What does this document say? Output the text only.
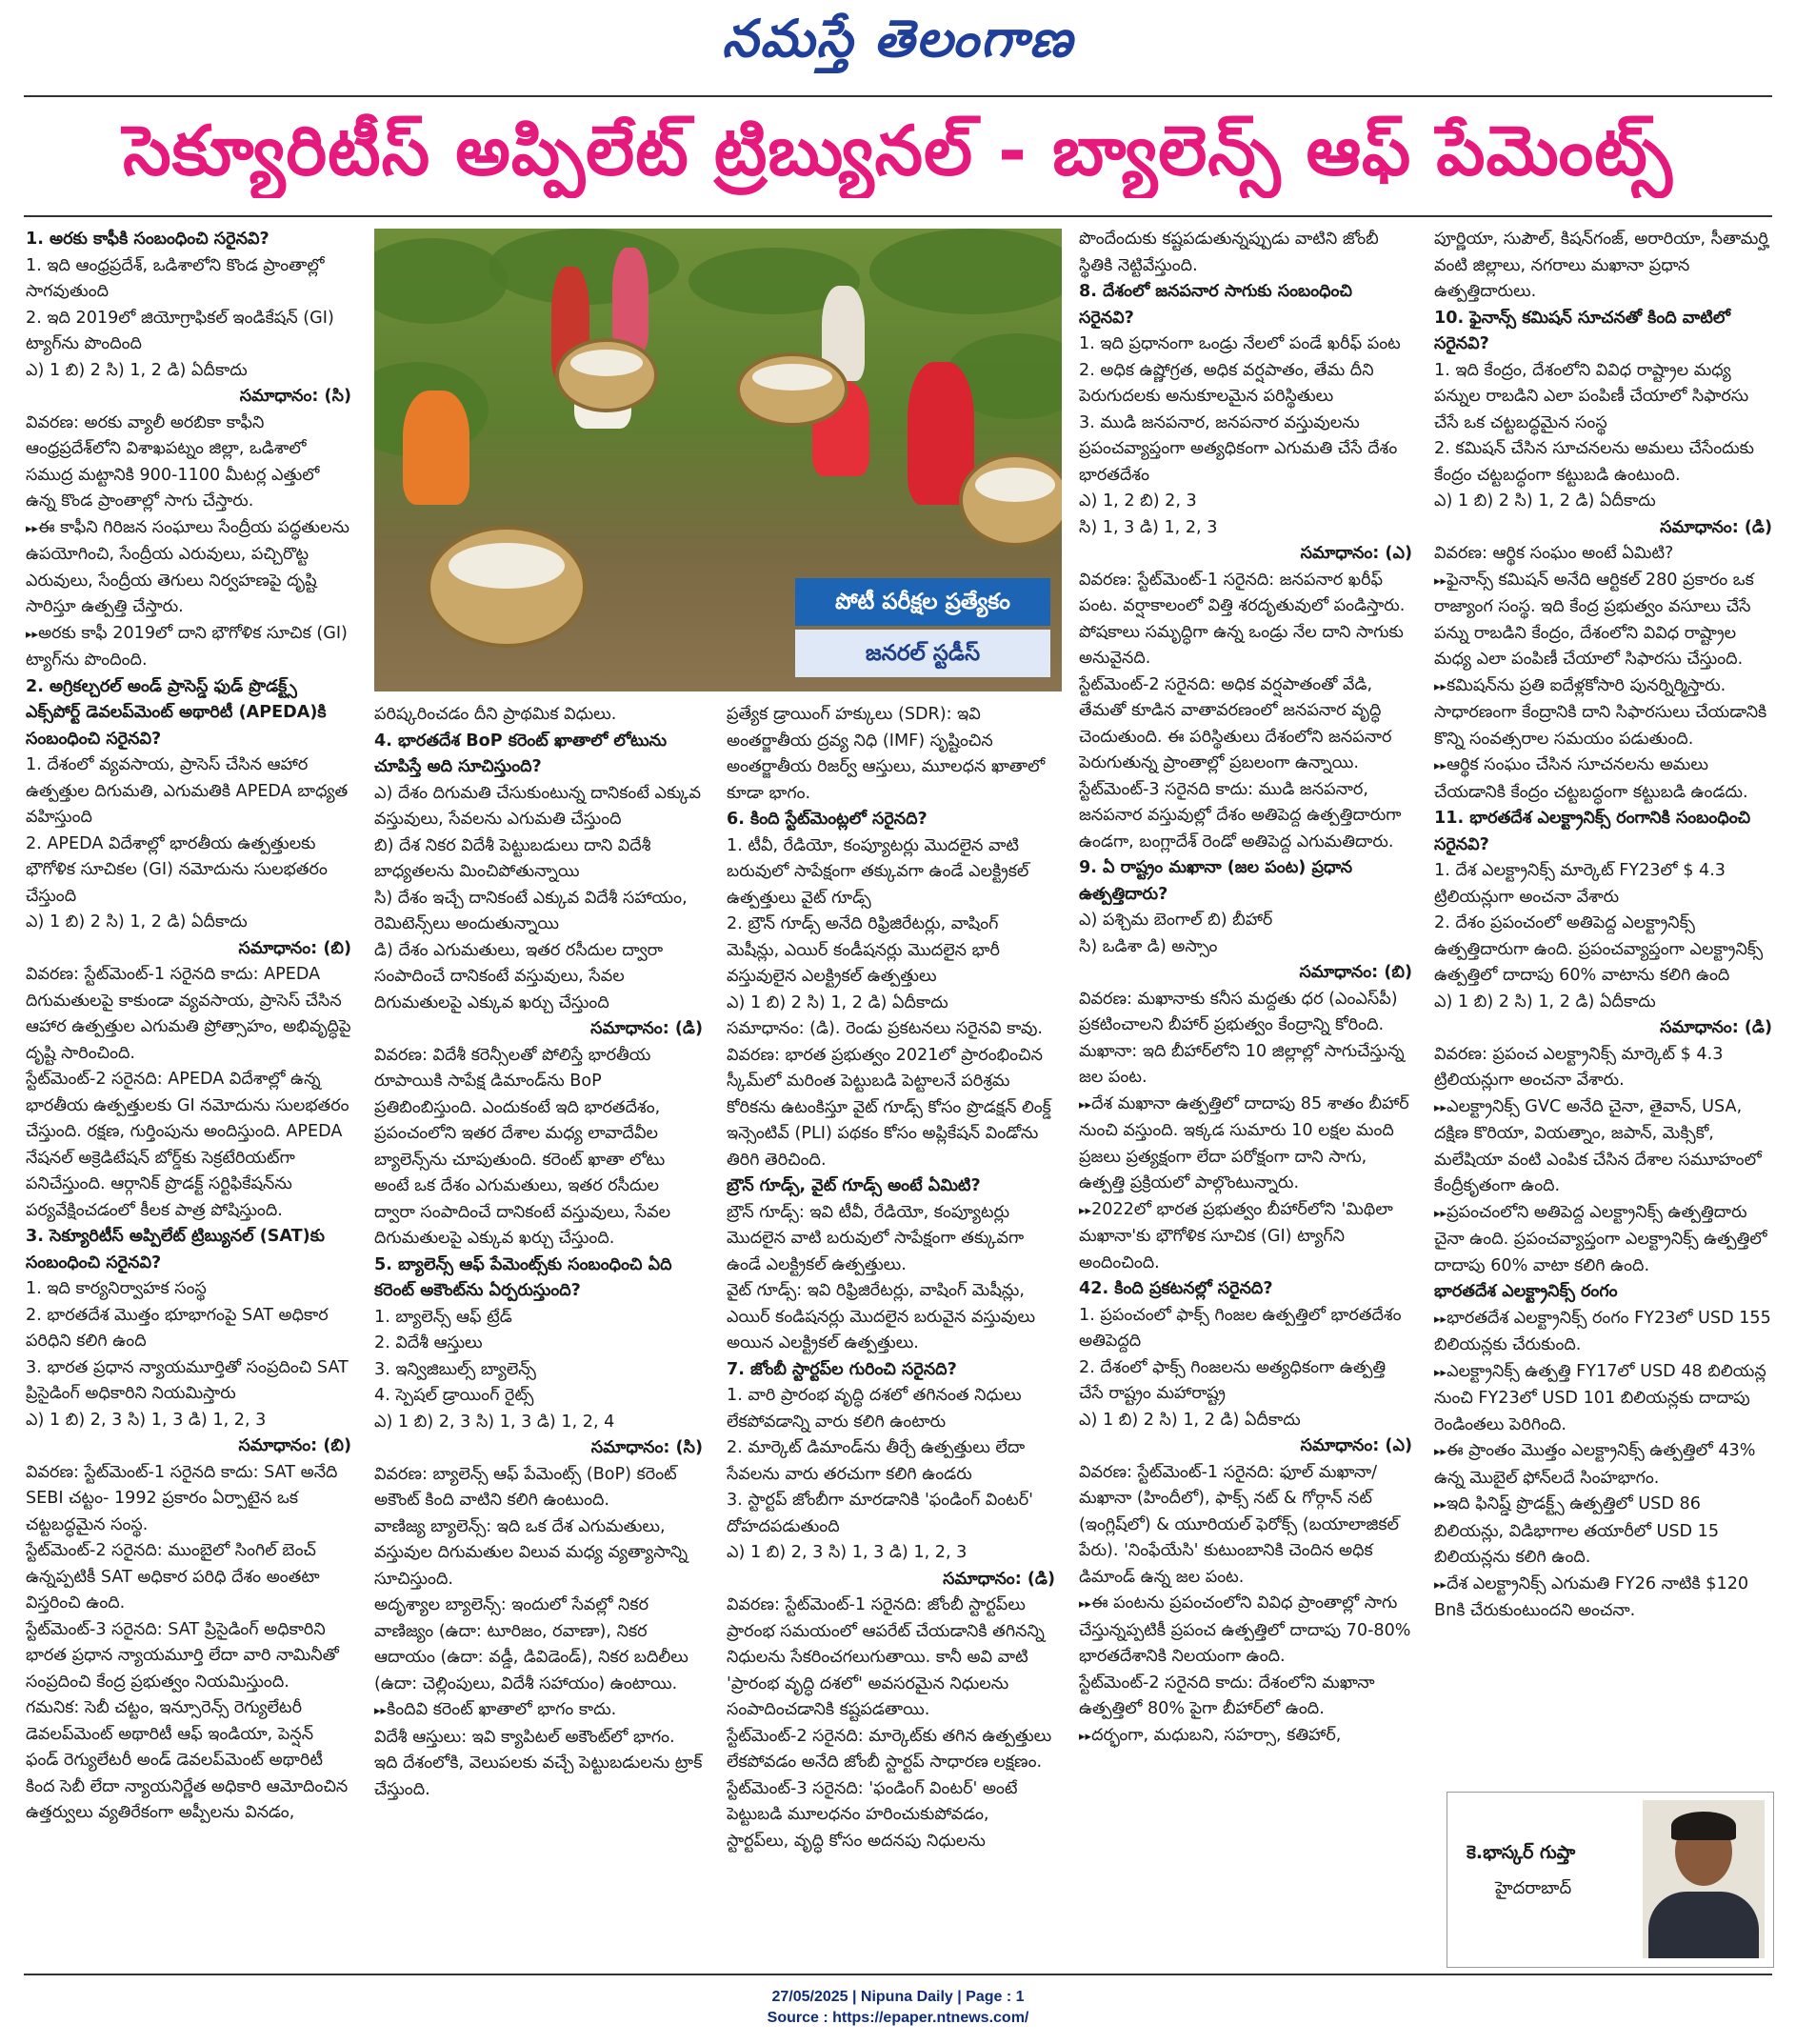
నమస్తే తెలంగాణ
సెక్యూరిటీస్ అప్పిలేట్ ట్రిబ్యునల్ - బ్యాలెన్స్ ఆఫ్ పేమెంట్స్

1. అరకు కాఫీకి సంబంధించి సరైనవి?

1. ఇది ఆంధ్రప్రదేశ్, ఒడిశాలోని కొండ ప్రాంతాల్లో సాగవుతుంది

2. ఇది 2019లో జియోగ్రాఫికల్ ఇండికేషన్ (GI) ట్యాగ్‌ను పొందింది

ఎ) 1 బి) 2 సి) 1, 2 డి) ఏదీకాదు

సమాధానం: (సి)

వివరణ: అరకు వ్యాలీ అరబికా కాఫీని ఆంధ్రప్రదేశ్‌లోని విశాఖపట్నం జిల్లా, ఒడిశాలో సముద్ర మట్టానికి 900-1100 మీటర్ల ఎత్తులో ఉన్న కొండ ప్రాంతాల్లో సాగు చేస్తారు.

▸▸ ఈ కాఫీని గిరిజన సంఘాలు సేంద్రీయ పద్ధతులను ఉపయోగించి, సేంద్రీయ ఎరువులు, పచ్చిరొట్ట ఎరువులు, సేంద్రీయ తెగులు నిర్వహణపై దృష్టి సారిస్తూ ఉత్పత్తి చేస్తారు.

▸▸ అరకు కాఫీ 2019లో దాని భౌగోళిక సూచిక (GI) ట్యాగ్‌ను పొందింది.

2. అగ్రికల్చరల్ అండ్ ప్రాసెస్డ్ ఫుడ్ ప్రొడక్ట్స్ ఎక్స్‌పోర్ట్ డెవలప్‌మెంట్ అథారిటీ (APEDA)కి సంబంధించి సరైనవి?

1. దేశంలో వ్యవసాయ, ప్రాసెస్ చేసిన ఆహార ఉత్పత్తుల దిగుమతి, ఎగుమతికి APEDA బాధ్యత వహిస్తుంది

2. APEDA విదేశాల్లో భారతీయ ఉత్పత్తులకు భౌగోళిక సూచికల (GI) నమోదును సులభతరం చేస్తుంది

ఎ) 1 బి) 2 సి) 1, 2 డి) ఏదీకాదు

సమాధానం: (బి)

వివరణ: స్టేట్‌మెంట్-1 సరైనది కాదు: APEDA దిగుమతులపై కాకుండా వ్యవసాయ, ప్రాసెస్ చేసిన ఆహార ఉత్పత్తుల ఎగుమతి ప్రోత్సాహం, అభివృద్ధిపై దృష్టి సారించింది.

స్టేట్‌మెంట్-2 సరైనది: APEDA విదేశాల్లో ఉన్న భారతీయ ఉత్పత్తులకు GI నమోదును సులభతరం చేస్తుంది. రక్షణ, గుర్తింపును అందిస్తుంది. APEDA నేషనల్ అక్రెడిటేషన్ బోర్డ్‌కు సెక్రటేరియట్‌గా పనిచేస్తుంది. ఆర్గానిక్ ప్రొడక్ట్ సర్టిఫికేషన్‌ను పర్యవేక్షించడంలో కీలక పాత్ర పోషిస్తుంది.

3. సెక్యూరిటీస్ అప్పిలేట్ ట్రిబ్యునల్ (SAT)కు సంబంధించి సరైనవి?

1. ఇది కార్యనిర్వాహక సంస్థ

2. భారతదేశ మొత్తం భూభాగంపై SAT అధికార పరిధిని కలిగి ఉంది

3. భారత ప్రధాన న్యాయమూర్తితో సంప్రదించి SAT ప్రిసైడింగ్ అధికారిని నియమిస్తారు

ఎ) 1 బి) 2, 3 సి) 1, 3 డి) 1, 2, 3

సమాధానం: (బి)

వివరణ: స్టేట్‌మెంట్-1 సరైనది కాదు: SAT అనేది SEBI చట్టం- 1992 ప్రకారం ఏర్పాటైన ఒక చట్టబద్ధమైన సంస్థ.

స్టేట్‌మెంట్-2 సరైనది: ముంబైలో సింగిల్ బెంచ్ ఉన్నప్పటికీ SAT అధికార పరిధి దేశం అంతటా విస్తరించి ఉంది.

స్టేట్‌మెంట్-3 సరైనది: SAT ప్రిసైడింగ్ అధికారిని భారత ప్రధాన న్యాయమూర్తి లేదా వారి నామినీతో సంప్రదించి కేంద్ర ప్రభుత్వం నియమిస్తుంది.

గమనిక: సెబీ చట్టం, ఇన్సూరెన్స్ రెగ్యులేటరీ డెవలప్‌మెంట్ అథారిటీ ఆఫ్ ఇండియా, పెన్షన్ ఫండ్ రెగ్యులేటరీ అండ్ డెవలప్‌మెంట్ అథారిటీ కింద సెబీ లేదా న్యాయనిర్ణేత అధికారి ఆమోదించిన ఉత్తర్వులు వ్యతిరేకంగా అప్పీలను వినడం,

పోటీ పరీక్షల ప్రత్యేకం
జనరల్ స్టడీస్

పరిష్కరించడం దీని ప్రాథమిక విధులు.

4. భారతదేశ BoP కరెంట్ ఖాతాలో లోటును చూపిస్తే అది సూచిస్తుంది?

ఎ) దేశం దిగుమతి చేసుకుంటున్న దానికంటే ఎక్కువ వస్తువులు, సేవలను ఎగుమతి చేస్తుంది

బి) దేశ నికర విదేశీ పెట్టుబడులు దాని విదేశీ బాధ్యతలను మించిపోతున్నాయి

సి) దేశం ఇచ్చే దానికంటే ఎక్కువ విదేశీ సహాయం, రెమిటెన్స్‌లు అందుతున్నాయి

డి) దేశం ఎగుమతులు, ఇతర రసీదుల ద్వారా సంపాదించే దానికంటే వస్తువులు, సేవల దిగుమతులపై ఎక్కువ ఖర్చు చేస్తుంది

సమాధానం: (డి)

వివరణ: విదేశీ కరెన్సీలతో పోలిస్తే భారతీయ రూపాయికి సాపేక్ష డిమాండ్‌ను BoP ప్రతిబింబిస్తుంది. ఎందుకంటే ఇది భారతదేశం, ప్రపంచంలోని ఇతర దేశాల మధ్య లావాదేవీల బ్యాలెన్స్‌ను చూపుతుంది. కరెంట్ ఖాతా లోటు అంటే ఒక దేశం ఎగుమతులు, ఇతర రసీదుల ద్వారా సంపాదించే దానికంటే వస్తువులు, సేవల దిగుమతులపై ఎక్కువ ఖర్చు చేస్తుంది.

5. బ్యాలెన్స్ ఆఫ్ పేమెంట్స్‌కు సంబంధించి ఏది కరెంట్ అకౌంట్‌ను ఏర్పరుస్తుంది?

1. బ్యాలెన్స్ ఆఫ్ ట్రేడ్

2. విదేశీ ఆస్తులు

3. ఇన్విజిబుల్స్ బ్యాలెన్స్

4. స్పెషల్ డ్రాయింగ్ రైట్స్

ఎ) 1 బి) 2, 3 సి) 1, 3 డి) 1, 2, 4

సమాధానం: (సి)

వివరణ: బ్యాలెన్స్ ఆఫ్ పేమెంట్స్ (BoP) కరెంట్ అకౌంట్ కింది వాటిని కలిగి ఉంటుంది.

వాణిజ్య బ్యాలెన్స్: ఇది ఒక దేశ ఎగుమతులు, వస్తువుల దిగుమతుల విలువ మధ్య వ్యత్యాసాన్ని సూచిస్తుంది.

అదృశ్యాల బ్యాలెన్స్: ఇందులో సేవల్లో నికర వాణిజ్యం (ఉదా: టూరిజం, రవాణా), నికర ఆదాయం (ఉదా: వడ్డీ, డివిడెండ్), నికర బదిలీలు (ఉదా: చెల్లింపులు, విదేశీ సహాయం) ఉంటాయి.

▸▸ కిందివి కరెంట్ ఖాతాలో భాగం కాదు.

విదేశీ ఆస్తులు: ఇవి క్యాపిటల్ అకౌంట్‌లో భాగం. ఇది దేశంలోకి, వెలుపలకు వచ్చే పెట్టుబడులను ట్రాక్ చేస్తుంది.

ప్రత్యేక డ్రాయింగ్ హక్కులు (SDR): ఇవి అంతర్జాతీయ ద్రవ్య నిధి (IMF) సృష్టించిన అంతర్జాతీయ రిజర్వ్ ఆస్తులు, మూలధన ఖాతాలో కూడా భాగం.

6. కింది స్టేట్‌మెంట్లలో సరైనది?

1. టీవీ, రేడియో, కంప్యూటర్లు మొదలైన వాటి బరువులో సాపేక్షంగా తక్కువగా ఉండే ఎలక్ట్రికల్ ఉత్పత్తులు వైట్ గూడ్స్

2. బ్రౌన్ గూడ్స్ అనేది రిఫ్రిజిరేటర్లు, వాషింగ్ మెషీన్లు, ఎయిర్ కండీషనర్లు మొదలైన భారీ వస్తువులైన ఎలక్ట్రికల్ ఉత్పత్తులు

ఎ) 1 బి) 2 సి) 1, 2 డి) ఏదీకాదు

సమాధానం: (డి). రెండు ప్రకటనలు సరైనవి కావు.

వివరణ: భారత ప్రభుత్వం 2021లో ప్రారంభించిన స్కీమ్‌లో మరింత పెట్టుబడి పెట్టాలనే పరిశ్రమ కోరికను ఉటంకిస్తూ వైట్ గూడ్స్ కోసం ప్రొడక్షన్ లింక్డ్ ఇన్సెంటివ్ (PLI) పథకం కోసం అప్లికేషన్ విండోను తిరిగి తెరిచింది.

బ్రౌన్ గూడ్స్, వైట్ గూడ్స్ అంటే ఏమిటి?

బ్రౌన్ గూడ్స్: ఇవి టీవీ, రేడియో, కంప్యూటర్లు మొదలైన వాటి బరువులో సాపేక్షంగా తక్కువగా ఉండే ఎలక్ట్రికల్ ఉత్పత్తులు.

వైట్ గూడ్స్: ఇవి రిఫ్రిజిరేటర్లు, వాషింగ్ మెషీన్లు, ఎయిర్ కండిషనర్లు మొదలైన బరువైన వస్తువులు అయిన ఎలక్ట్రికల్ ఉత్పత్తులు.

7. జోంబీ స్టార్టప్‌ల గురించి సరైనది?

1. వారి ప్రారంభ వృద్ధి దశలో తగినంత నిధులు లేకపోవడాన్ని వారు కలిగి ఉంటారు

2. మార్కెట్ డిమాండ్‌ను తీర్చే ఉత్పత్తులు లేదా సేవలను వారు తరచుగా కలిగి ఉండరు

3. స్టార్టప్ జోంబీగా మారడానికి 'ఫండింగ్ వింటర్' దోహదపడుతుంది

ఎ) 1 బి) 2, 3 సి) 1, 3 డి) 1, 2, 3

సమాధానం: (డి)

వివరణ: స్టేట్‌మెంట్-1 సరైనది: జోంబీ స్టార్టప్‌లు ప్రారంభ సమయంలో ఆపరేట్ చేయడానికి తగినన్ని నిధులను సేకరించగలుగుతాయి. కానీ అవి వాటి 'ప్రారంభ వృద్ధి దశలో' అవసరమైన నిధులను సంపాదించడానికి కష్టపడతాయి.

స్టేట్‌మెంట్-2 సరైనది: మార్కెట్‌కు తగిన ఉత్పత్తులు లేకపోవడం అనేది జోంబీ స్టార్టప్ సాధారణ లక్షణం.

స్టేట్‌మెంట్-3 సరైనది: 'ఫండింగ్ వింటర్' అంటే పెట్టుబడి మూలధనం హరించుకుపోవడం, స్టార్టప్‌లు, వృద్ధి కోసం అదనపు నిధులను

పొందేందుకు కష్టపడుతున్నప్పుడు వాటిని జోంబీ స్థితికి నెట్టివేస్తుంది.

8. దేశంలో జనపనార సాగుకు సంబంధించి సరైనవి?

1. ఇది ప్రధానంగా ఒండ్రు నేలలో పండే ఖరీఫ్ పంట

2. అధిక ఉష్ణోగ్రత, అధిక వర్షపాతం, తేమ దీని పెరుగుదలకు అనుకూలమైన పరిస్థితులు

3. ముడి జనపనార, జనపనార వస్తువులను ప్రపంచవ్యాప్తంగా అత్యధికంగా ఎగుమతి చేసే దేశం భారతదేశం

ఎ) 1, 2 బి) 2, 3

సి) 1, 3 డి) 1, 2, 3

సమాధానం: (ఎ)

వివరణ: స్టేట్‌మెంట్-1 సరైనది: జనపనార ఖరీఫ్ పంట. వర్షాకాలంలో విత్తి శరదృతువులో పండిస్తారు. పోషకాలు సమృద్ధిగా ఉన్న ఒండ్రు నేల దాని సాగుకు అనువైనది.

స్టేట్‌మెంట్-2 సరైనది: అధిక వర్షపాతంతో వేడి, తేమతో కూడిన వాతావరణంలో జనపనార వృద్ధి చెందుతుంది. ఈ పరిస్థితులు దేశంలోని జనపనార పెరుగుతున్న ప్రాంతాల్లో ప్రబలంగా ఉన్నాయి.

స్టేట్‌మెంట్-3 సరైనది కాదు: ముడి జనపనార, జనపనార వస్తువుల్లో దేశం అతిపెద్ద ఉత్పత్తిదారుగా ఉండగా, బంగ్లాదేశ్ రెండో అతిపెద్ద ఎగుమతిదారు.

9. ఏ రాష్ట్రం మఖానా (జల పంట) ప్రధాన ఉత్పత్తిదారు?

ఎ) పశ్చిమ బెంగాల్ బి) బీహార్

సి) ఒడిశా డి) అస్సాం

సమాధానం: (బి)

వివరణ: మఖానాకు కనీస మద్దతు ధర (ఎంఎస్‌పీ) ప్రకటించాలని బీహార్ ప్రభుత్వం కేంద్రాన్ని కోరింది.

మఖానా: ఇది బీహార్‌లోని 10 జిల్లాల్లో సాగుచేస్తున్న జల పంట.

▸▸ దేశ మఖానా ఉత్పత్తిలో దాదాపు 85 శాతం బీహార్ నుంచి వస్తుంది. ఇక్కడ సుమారు 10 లక్షల మంది ప్రజలు ప్రత్యక్షంగా లేదా పరోక్షంగా దాని సాగు, ఉత్పత్తి ప్రక్రియలో పాల్గొంటున్నారు.

▸▸ 2022లో భారత ప్రభుత్వం బీహార్‌లోని 'మిథిలా మఖానా'కు భౌగోళిక సూచిక (GI) ట్యాగ్‌ని అందించింది.

42. కింది ప్రకటనల్లో సరైనది?

1. ప్రపంచంలో ఫాక్స్ గింజల ఉత్పత్తిలో భారతదేశం అతిపెద్దది

2. దేశంలో ఫాక్స్ గింజలను అత్యధికంగా ఉత్పత్తి చేసే రాష్ట్రం మహారాష్ట్ర

ఎ) 1 బి) 2 సి) 1, 2 డి) ఏదీకాదు

సమాధానం: (ఎ)

వివరణ: స్టేట్‌మెంట్-1 సరైనది: ఫూల్ మఖానా/ మఖానా (హిందీలో), ఫాక్స్ నట్ & గోర్గాన్ నట్ (ఇంగ్లిష్‌లో) & యూరియల్ ఫెరోక్స్ (బయాలాజికల్ పేరు). 'నింఫేయేసి' కుటుంబానికి చెందిన అధిక డిమాండ్ ఉన్న జల పంట.

▸▸ ఈ పంటను ప్రపంచంలోని వివిధ ప్రాంతాల్లో సాగు చేస్తున్నప్పటికీ ప్రపంచ ఉత్పత్తిలో దాదాపు 70-80% భారతదేశానికి నిలయంగా ఉంది.

స్టేట్‌మెంట్-2 సరైనది కాదు: దేశంలోని మఖానా ఉత్పత్తిలో 80% పైగా బీహార్‌లో ఉంది.

▸▸ దర్భంగా, మధుబని, సహర్సా, కతిహార్,

పూర్ణియా, సుపౌల్, కిషన్‌గంజ్, అరారియా, సీతామర్హి వంటి జిల్లాలు, నగరాలు మఖానా ప్రధాన ఉత్పత్తిదారులు.

10. ఫైనాన్స్ కమిషన్ సూచనతో కింది వాటిలో సరైనవి?

1. ఇది కేంద్రం, దేశంలోని వివిధ రాష్ట్రాల మధ్య పన్నుల రాబడిని ఎలా పంపిణీ చేయాలో సిఫారసు చేసే ఒక చట్టబద్ధమైన సంస్థ

2. కమిషన్ చేసిన సూచనలను అమలు చేసేందుకు కేంద్రం చట్టబద్ధంగా కట్టుబడి ఉంటుంది.

ఎ) 1 బి) 2 సి) 1, 2 డి) ఏదీకాదు

సమాధానం: (డి)

వివరణ: ఆర్థిక సంఘం అంటే ఏమిటి?

▸▸ ఫైనాన్స్ కమిషన్ అనేది ఆర్టికల్ 280 ప్రకారం ఒక రాజ్యాంగ సంస్థ. ఇది కేంద్ర ప్రభుత్వం వసూలు చేసే పన్ను రాబడిని కేంద్రం, దేశంలోని వివిధ రాష్ట్రాల మధ్య ఎలా పంపిణీ చేయాలో సిఫారసు చేస్తుంది.

▸▸ కమిషన్‌ను ప్రతి ఐదేళ్లకోసారి పునర్నిర్మిస్తారు. సాధారణంగా కేంద్రానికి దాని సిఫారసులు చేయడానికి కొన్ని సంవత్సరాల సమయం పడుతుంది.

▸▸ ఆర్థిక సంఘం చేసిన సూచనలను అమలు చేయడానికి కేంద్రం చట్టబద్ధంగా కట్టుబడి ఉండదు.

11. భారతదేశ ఎలక్ట్రానిక్స్ రంగానికి సంబంధించి సరైనవి?

1. దేశ ఎలక్ట్రానిక్స్ మార్కెట్ FY23లో $ 4.3 ట్రిలియన్లుగా అంచనా వేశారు

2. దేశం ప్రపంచంలో అతిపెద్ద ఎలక్ట్రానిక్స్ ఉత్పత్తిదారుగా ఉంది. ప్రపంచవ్యాప్తంగా ఎలక్ట్రానిక్స్ ఉత్పత్తిలో దాదాపు 60% వాటాను కలిగి ఉంది

ఎ) 1 బి) 2 సి) 1, 2 డి) ఏదీకాదు

సమాధానం: (డి)

వివరణ: ప్రపంచ ఎలక్ట్రానిక్స్ మార్కెట్ $ 4.3 ట్రిలియన్లుగా అంచనా వేశారు.

▸▸ ఎలక్ట్రానిక్స్ GVC అనేది చైనా, తైవాన్, USA, దక్షిణ కొరియా, వియత్నాం, జపాన్, మెక్సికో, మలేషియా వంటి ఎంపిక చేసిన దేశాల సమూహంలో కేంద్రీకృతంగా ఉంది.

▸▸ ప్రపంచంలోని అతిపెద్ద ఎలక్ట్రానిక్స్ ఉత్పత్తిదారు చైనా ఉంది. ప్రపంచవ్యాప్తంగా ఎలక్ట్రానిక్స్ ఉత్పత్తిలో దాదాపు 60% వాటా కలిగి ఉంది.

భారతదేశ ఎలక్ట్రానిక్స్ రంగం

▸▸ భారతదేశ ఎలక్ట్రానిక్స్ రంగం FY23లో USD 155 బిలియన్లకు చేరుకుంది.

▸▸ ఎలక్ట్రానిక్స్ ఉత్పత్తి FY17లో USD 48 బిలియన్ల నుంచి FY23లో USD 101 బిలియన్లకు దాదాపు రెండింతలు పెరిగింది.

▸▸ ఈ ప్రాంతం మొత్తం ఎలక్ట్రానిక్స్ ఉత్పత్తిలో 43% ఉన్న మొబైల్ ఫోన్‌లదే సింహభాగం.

▸▸ ఇది ఫినిష్డ్ ప్రొడక్ట్స్ ఉత్పత్తిలో USD 86 బిలియన్లు, విడిభాగాల తయారీలో USD 15 బిలియన్లను కలిగి ఉంది.

▸▸ దేశ ఎలక్ట్రానిక్స్ ఎగుమతి FY26 నాటికి $120 Bnకి చేరుకుంటుందని అంచనా.

కె.భాస్కర్ గుప్తా
హైదరాబాద్
27/05/2025 | Nipuna Daily | Page : 1
Source : https://epaper.ntnews.com/
